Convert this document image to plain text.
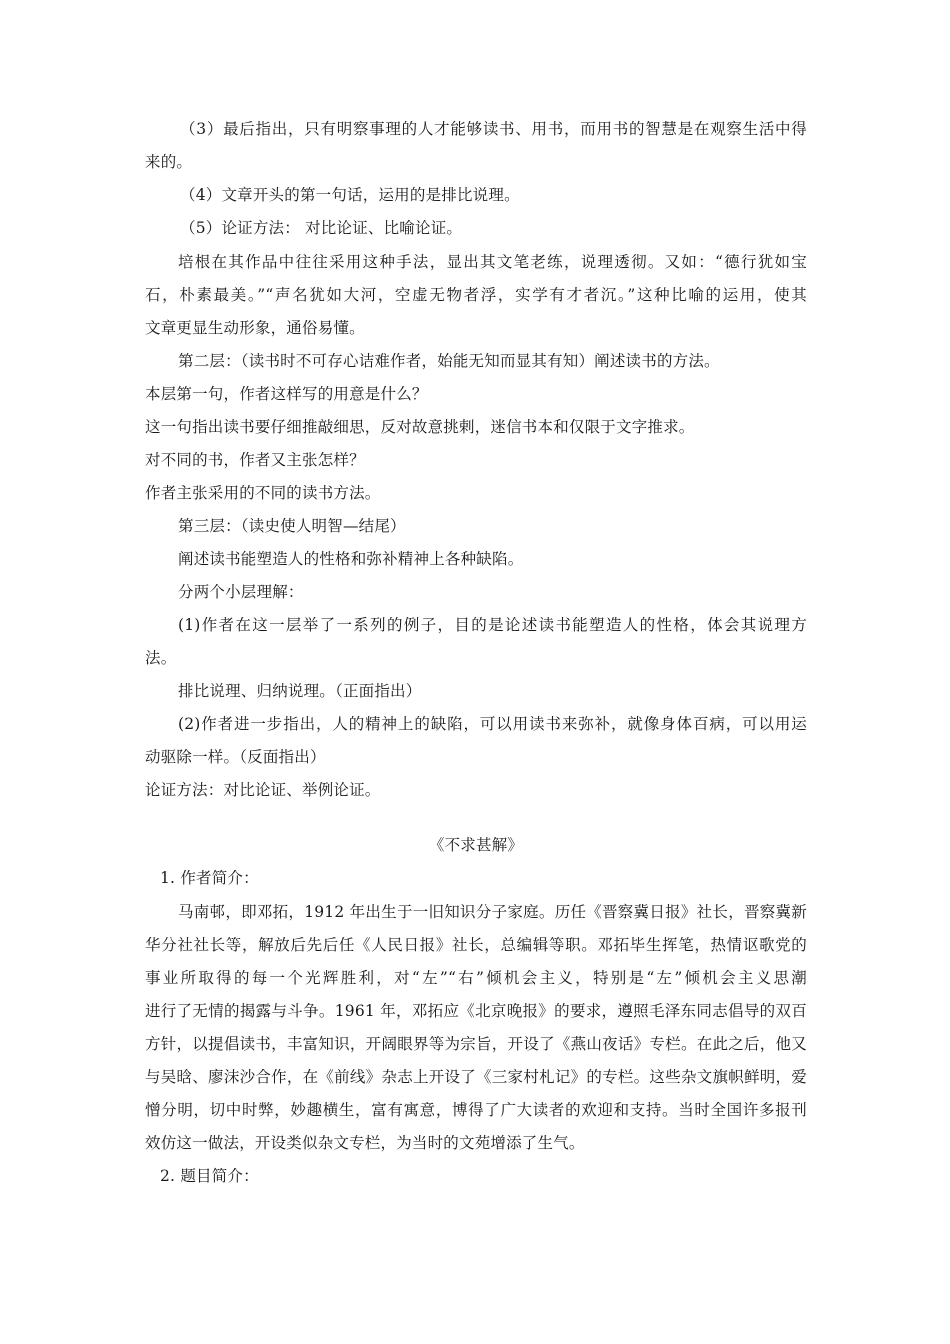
（3）最后指出，只有明察事理的人才能够读书、用书，而用书的智慧是在观察生活中得
来的。
（4）文章开头的第一句话，运用的是排比说理。
（5）论证方法： 对比论证、比喻论证。
培根在其作品中往往采用这种手法，显出其文笔老练，说理透彻。又如：“德行犹如宝
石，朴素最美。”“声名犹如大河，空虚无物者浮，实学有才者沉。”这种比喻的运用，使其
文章更显生动形象，通俗易懂。
第二层：（读书时不可存心诘难作者，始能无知而显其有知）阐述读书的方法。
本层第一句，作者这样写的用意是什么？
这一句指出读书要仔细推敲细思，反对故意挑剌，迷信书本和仅限于文字推求。
对不同的书，作者又主张怎样？
作者主张采用的不同的读书方法。
第三层：（读史使人明智—结尾）
阐述读书能塑造人的性格和弥补精神上各种缺陷。
分两个小层理解：
(1)作者在这一层举了一系列的例子，目的是论述读书能塑造人的性格，体会其说理方
法。
排比说理、归纳说理。（正面指出）
(2)作者进一步指出，人的精神上的缺陷，可以用读书来弥补，就像身体百病，可以用运
动驱除一样。（反面指出）
论证方法：对比论证、举例论证。
《不求甚解》
1. 作者简介：
马南邨，即邓拓，1912 年出生于一旧知识分子家庭。历任《晋察冀日报》社长，晋察冀新
华分社社长等，解放后先后任《人民日报》社长，总编辑等职。邓拓毕生挥笔，热情讴歌党的
事业所取得的每一个光辉胜利，对“左”“右”倾机会主义，特别是“左”倾机会主义思潮
进行了无情的揭露与斗争。1961 年，邓拓应《北京晚报》的要求，遵照毛泽东同志倡导的双百
方针，以提倡读书，丰富知识，开阔眼界等为宗旨，开设了《燕山夜话》专栏。在此之后，他又
与吴晗、廖沫沙合作，在《前线》杂志上开设了《三家村札记》的专栏。这些杂文旗帜鲜明，爱
憎分明，切中时弊，妙趣横生，富有寓意，博得了广大读者的欢迎和支持。当时全国许多报刊
效仿这一做法，开设类似杂文专栏，为当时的文苑增添了生气。
2. 题目简介：
